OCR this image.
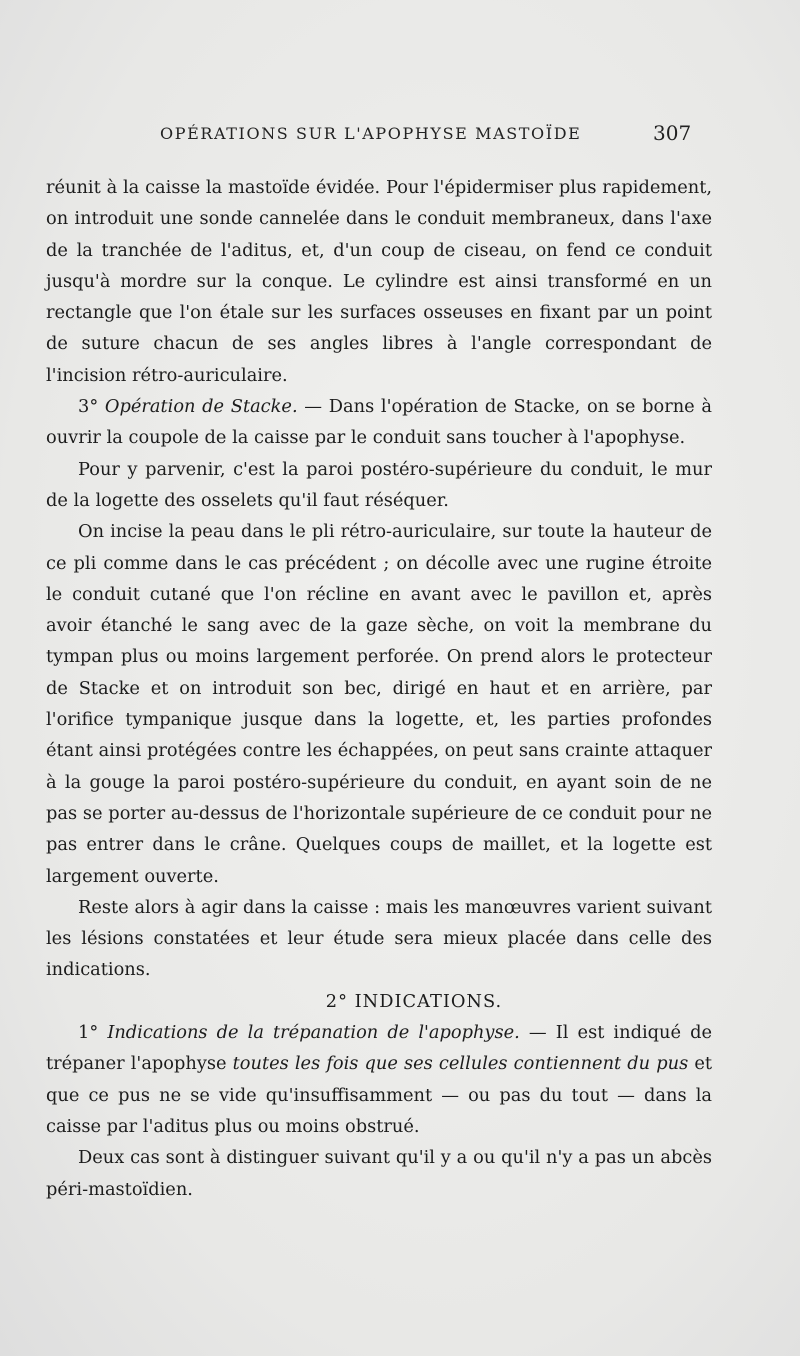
OPÉRATIONS SUR L'APOPHYSE MASTOÏDE	307

réunit à la caisse la mastoïde évidée. Pour l'épidermiser plus rapidement, on introduit une sonde cannelée dans le conduit membraneux, dans l'axe de la tranchée de l'aditus, et, d'un coup de ciseau, on fend ce conduit jusqu'à mordre sur la conque. Le cylindre est ainsi transformé en un rectangle que l'on étale sur les surfaces osseuses en fixant par un point de suture chacun de ses angles libres à l'angle correspondant de l'incision rétro-auriculaire.

3° Opération de Stacke. — Dans l'opération de Stacke, on se borne à ouvrir la coupole de la caisse par le conduit sans toucher à l'apophyse.

Pour y parvenir, c'est la paroi postéro-supérieure du conduit, le mur de la logette des osselets qu'il faut réséquer.

On incise la peau dans le pli rétro-auriculaire, sur toute la hauteur de ce pli comme dans le cas précédent ; on décolle avec une rugine étroite le conduit cutané que l'on récline en avant avec le pavillon et, après avoir étanché le sang avec de la gaze sèche, on voit la membrane du tympan plus ou moins largement perforée. On prend alors le protecteur de Stacke et on introduit son bec, dirigé en haut et en arrière, par l'orifice tympanique jusque dans la logette, et, les parties profondes étant ainsi protégées contre les échappées, on peut sans crainte attaquer à la gouge la paroi postéro-supérieure du conduit, en ayant soin de ne pas se porter au-dessus de l'horizontale supérieure de ce conduit pour ne pas entrer dans le crâne. Quelques coups de maillet, et la logette est largement ouverte.

Reste alors à agir dans la caisse : mais les manœuvres varient suivant les lésions constatées et leur étude sera mieux placée dans celle des indications.

2° INDICATIONS.

1° Indications de la trépanation de l'apophyse. — Il est indiqué de trépaner l'apophyse toutes les fois que ses cellules contiennent du pus et que ce pus ne se vide qu'insuffisamment — ou pas du tout — dans la caisse par l'aditus plus ou moins obstrué.

Deux cas sont à distinguer suivant qu'il y a ou qu'il n'y a pas un abcès péri-mastoïdien.
